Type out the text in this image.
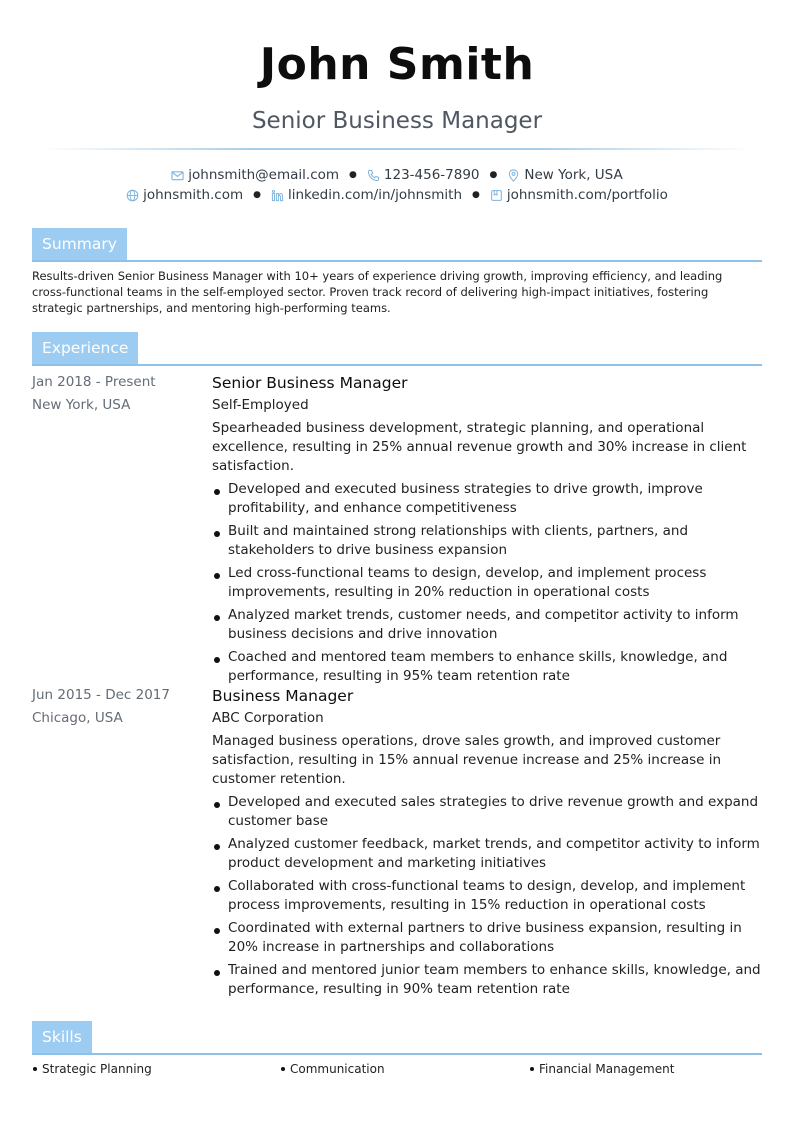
John Smith
Senior Business Manager
johnsmith@email.com ● 123-456-7890 ● New York, USA
johnsmith.com ● linkedin.com/in/johnsmith ● johnsmith.com/portfolio
Summary
Results-driven Senior Business Manager with 10+ years of experience driving growth, improving efficiency, and leading cross-functional teams in the self-employed sector. Proven track record of delivering high-impact initiatives, fostering strategic partnerships, and mentoring high-performing teams.
Experience
Jan 2018 - Present
New York, USA
Senior Business Manager
Self-Employed
Spearheaded business development, strategic planning, and operational excellence, resulting in 25% annual revenue growth and 30% increase in client satisfaction.
Developed and executed business strategies to drive growth, improve profitability, and enhance competitiveness
Built and maintained strong relationships with clients, partners, and stakeholders to drive business expansion
Led cross-functional teams to design, develop, and implement process improvements, resulting in 20% reduction in operational costs
Analyzed market trends, customer needs, and competitor activity to inform business decisions and drive innovation
Coached and mentored team members to enhance skills, knowledge, and performance, resulting in 95% team retention rate
Jun 2015 - Dec 2017
Chicago, USA
Business Manager
ABC Corporation
Managed business operations, drove sales growth, and improved customer satisfaction, resulting in 15% annual revenue increase and 25% increase in customer retention.
Developed and executed sales strategies to drive revenue growth and expand customer base
Analyzed customer feedback, market trends, and competitor activity to inform product development and marketing initiatives
Collaborated with cross-functional teams to design, develop, and implement process improvements, resulting in 15% reduction in operational costs
Coordinated with external partners to drive business expansion, resulting in 20% increase in partnerships and collaborations
Trained and mentored junior team members to enhance skills, knowledge, and performance, resulting in 90% team retention rate
Skills
Strategic Planning	Communication	Financial Management
